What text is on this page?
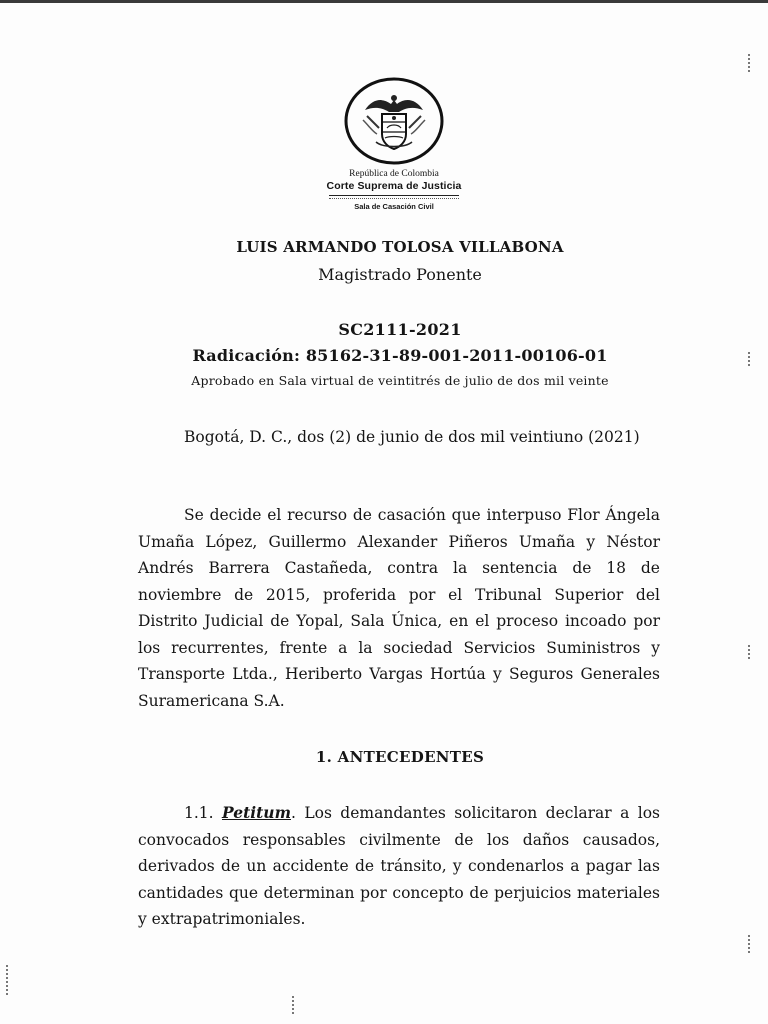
República de Colombia
Corte Suprema de Justicia
Sala de Casación Civil
LUIS ARMANDO TOLOSA VILLABONA
Magistrado Ponente
SC2111-2021
Radicación: 85162-31-89-001-2011-00106-01
Aprobado en Sala virtual de veintitrés de julio de dos mil veinte
Bogotá, D. C., dos (2) de junio de dos mil veintiuno (2021)
Se decide el recurso de casación que interpuso Flor Ángela Umaña López, Guillermo Alexander Piñeros Umaña y Néstor Andrés Barrera Castañeda, contra la sentencia de 18 de noviembre de 2015, proferida por el Tribunal Superior del Distrito Judicial de Yopal, Sala Única, en el proceso incoado por los recurrentes, frente a la sociedad Servicios Suministros y Transporte Ltda., Heriberto Vargas Hortúa y Seguros Generales Suramericana S.A.
1. ANTECEDENTES
1.1. Petitum. Los demandantes solicitaron declarar a los convocados responsables civilmente de los daños causados, derivados de un accidente de tránsito, y condenarlos a pagar las cantidades que determinan por concepto de perjuicios materiales y extrapatrimoniales.
